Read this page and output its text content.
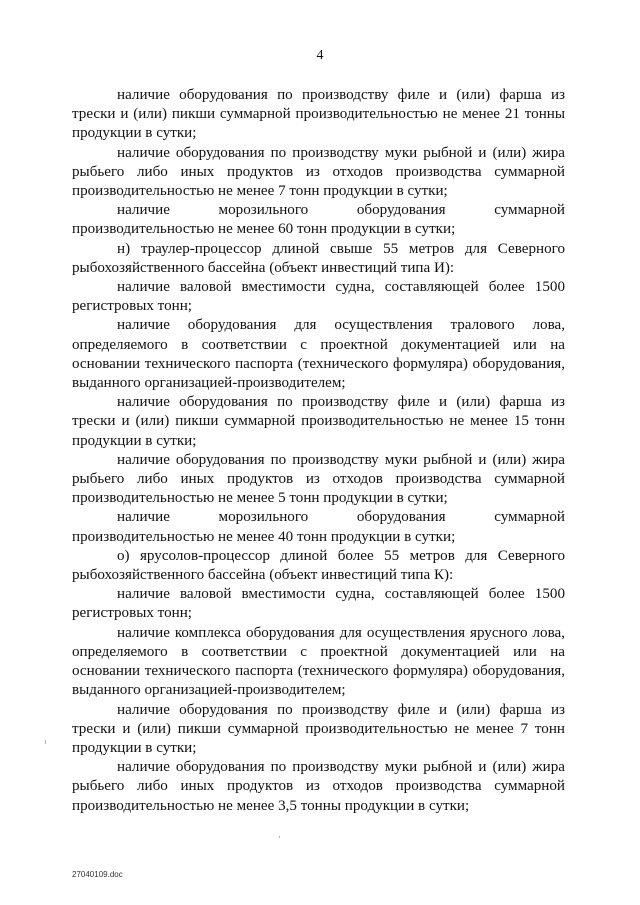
4

наличие оборудования по производству филе и (или) фарша из трески и (или) пикши суммарной производительностью не менее 21 тонны продукции в сутки;

наличие оборудования по производству муки рыбной и (или) жира рыбьего либо иных продуктов из отходов производства суммарной производительностью не менее 7 тонн продукции в сутки;

наличие морозильного оборудования суммарной производительностью не менее 60 тонн продукции в сутки;

н) траулер-процессор длиной свыше 55 метров для Северного рыбохозяйственного бассейна (объект инвестиций типа И):

наличие валовой вместимости судна, составляющей более 1500 регистровых тонн;

наличие оборудования для осуществления тралового лова, определяемого в соответствии с проектной документацией или на основании технического паспорта (технического формуляра) оборудования, выданного организацией-производителем;

наличие оборудования по производству филе и (или) фарша из трески и (или) пикши суммарной производительностью не менее 15 тонн продукции в сутки;

наличие оборудования по производству муки рыбной и (или) жира рыбьего либо иных продуктов из отходов производства суммарной производительностью не менее 5 тонн продукции в сутки;

наличие морозильного оборудования суммарной производительностью не менее 40 тонн продукции в сутки;

о) ярусолов-процессор длиной более 55 метров для Северного рыбохозяйственного бассейна (объект инвестиций типа К):

наличие валовой вместимости судна, составляющей более 1500 регистровых тонн;

наличие комплекса оборудования для осуществления ярусного лова, определяемого в соответствии с проектной документацией или на основании технического паспорта (технического формуляра) оборудования, выданного организацией-производителем;

наличие оборудования по производству филе и (или) фарша из трески и (или) пикши суммарной производительностью не менее 7 тонн продукции в сутки;

наличие оборудования по производству муки рыбной и (или) жира рыбьего либо иных продуктов из отходов производства суммарной производительностью не менее 3,5 тонны продукции в сутки;

27040109.doc
